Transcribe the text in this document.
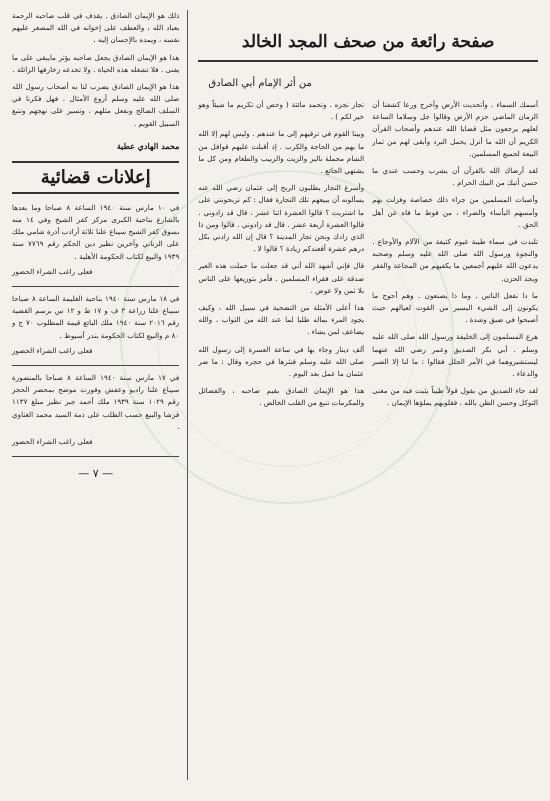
صفحة رائعة من صحف المجد الخالد
من أثر الإمام أبي الصادق

أسمك السماء . وأتحديت الأرض وأخرج ورعا كشفنا أن الزمان الماضي حزم الأرض وقالوا جل وسلاما الساعة لعلهم يرجعون مثل قضايا الله عندهم وأصحاب القرآن الكريم أن الله ما أنزل يحمل البرد وأبقى لهم من ثمار البيعة لجميع المسلمين.

لقد أرضاك الله بالقرآن أن يشرب وحسب عندي ما حسن أتيك من البيك الحرام .

وأصبات المسلمين من جراء ذلك خصاصة وفزلت بهم وأمسهم البأساء والضراء ، من فوط ما فاه عن أهل الحق .

تلبدت في سماء طيبة غيوم كثيفة من الآلام والأوجاع . والنجوة ورسول الله صلى الله عليه وسلم وصحبه يدعون الله عليهم أجمعين ما يكفيهم من المجاعة والفقر ويجد الحزن.

ما دا نفعل الناس . وما ذا يصنعون . وهم أحوج ما يكونون إلى الشيء اليسير من القوت لعيالهم حيث أصبحوا في ضيق وشدة .

هرع المسلمون إلى الخليفة ورسول الله صلى الله عليه وسلم . أبي بكر الصديق وعمر رضي الله عنهما ليستشيروهما في الأمر الجلل فقالوا : ما لنا إلا الصبر والدعاء .

لقد جاء الصديق من يقول قولاً طيباً يثبت فيه من معنى التوكل وحسن الظن بالله ، فقلوبهم يملؤها الإيمان .

تجار نجزه . وتحمد مائتة ( وخص أن تكريم ما شيئاً وهو خير لكم ) .

وبينا القوم في ترقيهم إلى ما عندهم . وليس لهم إلا الله ما بهم من الحاجة والكرب . إذ أقبلت عليهم قوافل من الشام محملة بالبر والزيت والزبيب والطعام ومن كل ما يشتهي الجائع .

وأسرع التجار يطلبون الربح إلى عثمان رضي الله عنه يسألونه أن يبيعهم تلك التجارة فقال : كم تربحونني على ما اشتريت ؟ قالوا العشرة اثنا عشر . قال قد زادوني . قالوا العشرة أربعة عشر . قال قد زادوني . قالوا ومن ذا الذي زادك ونحن تجار المدينة ؟ قال إن الله زادني بكل درهم عشرة أفعندكم زيادة ؟ قالوا لا .

قال فإني أشهد الله أني قد جعلت ما حملت هذه العير صدقة على فقراء المسلمين . فأمر بتوزيعها على الناس بلا ثمن ولا عوض .

هذا أعلى الأمثلة من التضحية في سبيل الله ، وكيف يجود المرء بماله طلبا لما عند الله من الثواب ، والله يضاعف لمن يشاء .

ألف دينار وجاء بها في ساعة العسرة إلى رسول الله صلى الله عليه وسلم فنثرها في حجره وقال : ما ضر عثمان ما عمل بعد اليوم .

هذا هو الإيمان الصادق يقيم صاحبه ، والفضائل والمكرمات تنبع من القلب الخالص .

ذلك هو الإيمان الصادق . يقذف في قلب صاحبه الرحمة بعباد الله ، والعطف على إخوانه في الله المصغر عليهم نفسه ، ويمده بالإحسان إليه .

هذا هو الإيمان الصادق يجعل صاحبه يؤثر مايبقى على ما يفنى . فلا تشغله هذه الحياة . ولا تخدعه زخارفها الزائلة .

هذا هو الإيمان الصادق يضرب لنا به أصحاب رسول الله صلى الله عليه وسلم أروع الأمثال . فهل فكرنا في السلف الصالح ونفعل مثلهم ، ونسير على نهجهم ونتبع السبيل القويم .

محمد الهادي عطية
إعلانات قضائية

في ١٠ مارس سنة ١٩٤٠ الساعة ٨ صباحا وما بعدها بالشارع بناحية الكبرى مركز كفر الشيخ وفي ١٤ منه بسوق كفر الشيخ سيباع علنا ثلاثة أرادب أذرة شامي ملك على الزناتي وآخرين نظير دين الحكم رقم ٧٧٦٩ سنة ١٩٣٩ والبيع لكتاب الحكومة الأهلية .

فعلى راغب الشراء الحضور

في ١٨ مارس سنة ١٩٤٠ بناحية الغليمة الساعة ٨ صباحا سيباع علنا زراعة ٣ ف و ١٧ ط و ١٢ س برسم القضية رقم ٢٠١٦ سنة ١٩٤٠ ملك البائع قيمة المطلوب ٧٠ ج و ٨٠ م والبيع لكتاب الحكومة بندر أسيوط .

فعلى راغب الشراء الحضور

في ١٧ مارس سنة ١٩٤٠ الساعة ٨ صباحا بالمنصورة سيباع علنا راديو وعفش وفورت موضح بمحضر الحجز رقم ١٠٢٩ سنة ١٩٣٩ ملك أحمد جبر نظير مبلغ ١١٣٧ قرشا والبيع حسب الطلب على ذمة السيد محمد الغناوي .

فعلى راغب الشراء الحضور

— ٧ —
